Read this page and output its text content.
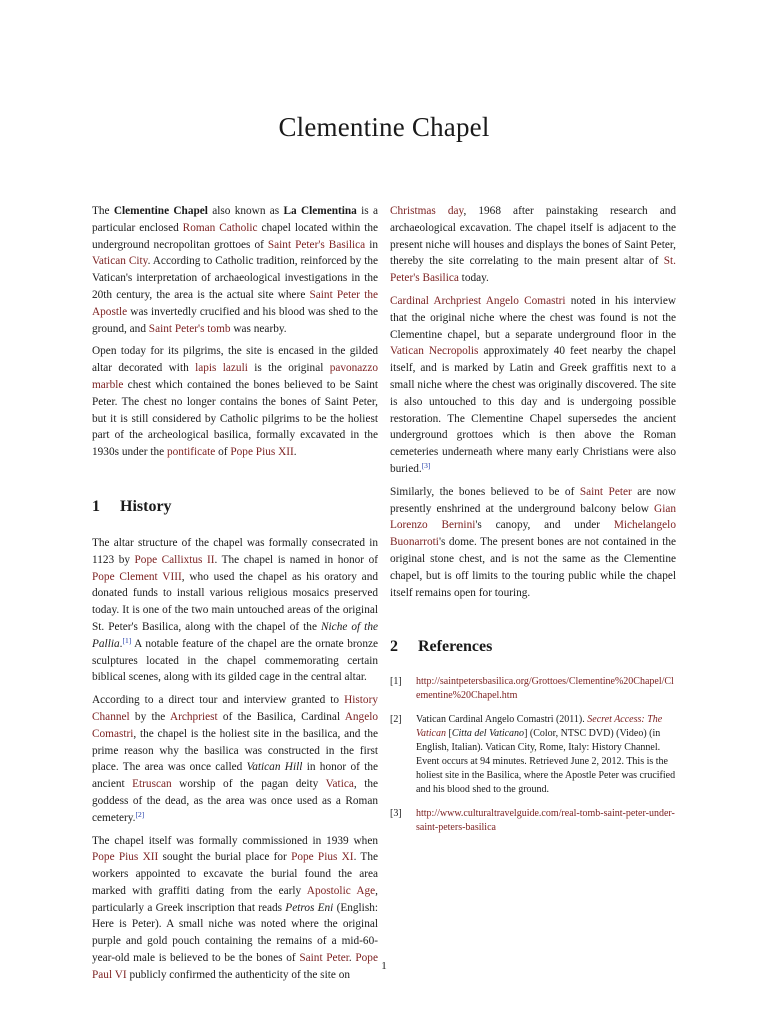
Clementine Chapel

The Clementine Chapel also known as La Clementina is a particular enclosed Roman Catholic chapel located within the underground necropolitan grottoes of Saint Peter's Basilica in Vatican City. According to Catholic tradition, reinforced by the Vatican's interpretation of archaeological investigations in the 20th century, the area is the actual site where Saint Peter the Apostle was invertedly crucified and his blood was shed to the ground, and Saint Peter's tomb was nearby.

Open today for its pilgrims, the site is encased in the gilded altar decorated with lapis lazuli is the original pavonazzo marble chest which contained the bones believed to be Saint Peter. The chest no longer contains the bones of Saint Peter, but it is still considered by Catholic pilgrims to be the holiest part of the archeological basilica, formally excavated in the 1930s under the pontificate of Pope Pius XII.

1 History

The altar structure of the chapel was formally consecrated in 1123 by Pope Callixtus II. The chapel is named in honor of Pope Clement VIII, who used the chapel as his oratory and donated funds to install various religious mosaics preserved today. It is one of the two main untouched areas of the original St. Peter's Basilica, along with the chapel of the Niche of the Pallia.[1] A notable feature of the chapel are the ornate bronze sculptures located in the chapel commemorating certain biblical scenes, along with its gilded cage in the central altar.

According to a direct tour and interview granted to History Channel by the Archpriest of the Basilica, Cardinal Angelo Comastri, the chapel is the holiest site in the basilica, and the prime reason why the basilica was constructed in the first place. The area was once called Vatican Hill in honor of the ancient Etruscan worship of the pagan deity Vatica, the goddess of the dead, as the area was once used as a Roman cemetery.[2]

The chapel itself was formally commissioned in 1939 when Pope Pius XII sought the burial place for Pope Pius XI. The workers appointed to excavate the burial found the area marked with graffiti dating from the early Apostolic Age, particularly a Greek inscription that reads Petros Eni (English: Here is Peter). A small niche was noted where the original purple and gold pouch containing the remains of a mid-60-year-old male is believed to be the bones of Saint Peter. Pope Paul VI publicly confirmed the authenticity of the site on

Christmas day, 1968 after painstaking research and archaeological excavation. The chapel itself is adjacent to the present niche will houses and displays the bones of Saint Peter, thereby the site correlating to the main present altar of St. Peter's Basilica today.

Cardinal Archpriest Angelo Comastri noted in his interview that the original niche where the chest was found is not the Clementine chapel, but a separate underground floor in the Vatican Necropolis approximately 40 feet nearby the chapel itself, and is marked by Latin and Greek graffitis next to a small niche where the chest was originally discovered. The site is also untouched to this day and is undergoing possible restoration. The Clementine Chapel supersedes the ancient underground grottoes which is then above the Roman cemeteries underneath where many early Christians were also buried.[3]

Similarly, the bones believed to be of Saint Peter are now presently enshrined at the underground balcony below Gian Lorenzo Bernini's canopy, and under Michelangelo Buonarroti's dome. The present bones are not contained in the original stone chest, and is not the same as the Clementine chapel, but is off limits to the touring public while the chapel itself remains open for touring.

2 References
[1]	http://saintpetersbasilica.org/Grottoes/Clementine%20Chapel/Clementine%20Chapel.htm
[2]	Vatican Cardinal Angelo Comastri (2011). Secret Access: The Vatican [Citta del Vaticano] (Color, NTSC DVD) (Video) (in English, Italian). Vatican City, Rome, Italy: History Channel. Event occurs at 94 minutes. Retrieved June 2, 2012. This is the holiest site in the Basilica, where the Apostle Peter was crucified and his blood shed to the ground.
[3]	http://www.culturaltravelguide.com/real-tomb-saint-peter-under-saint-peters-basilica
1
